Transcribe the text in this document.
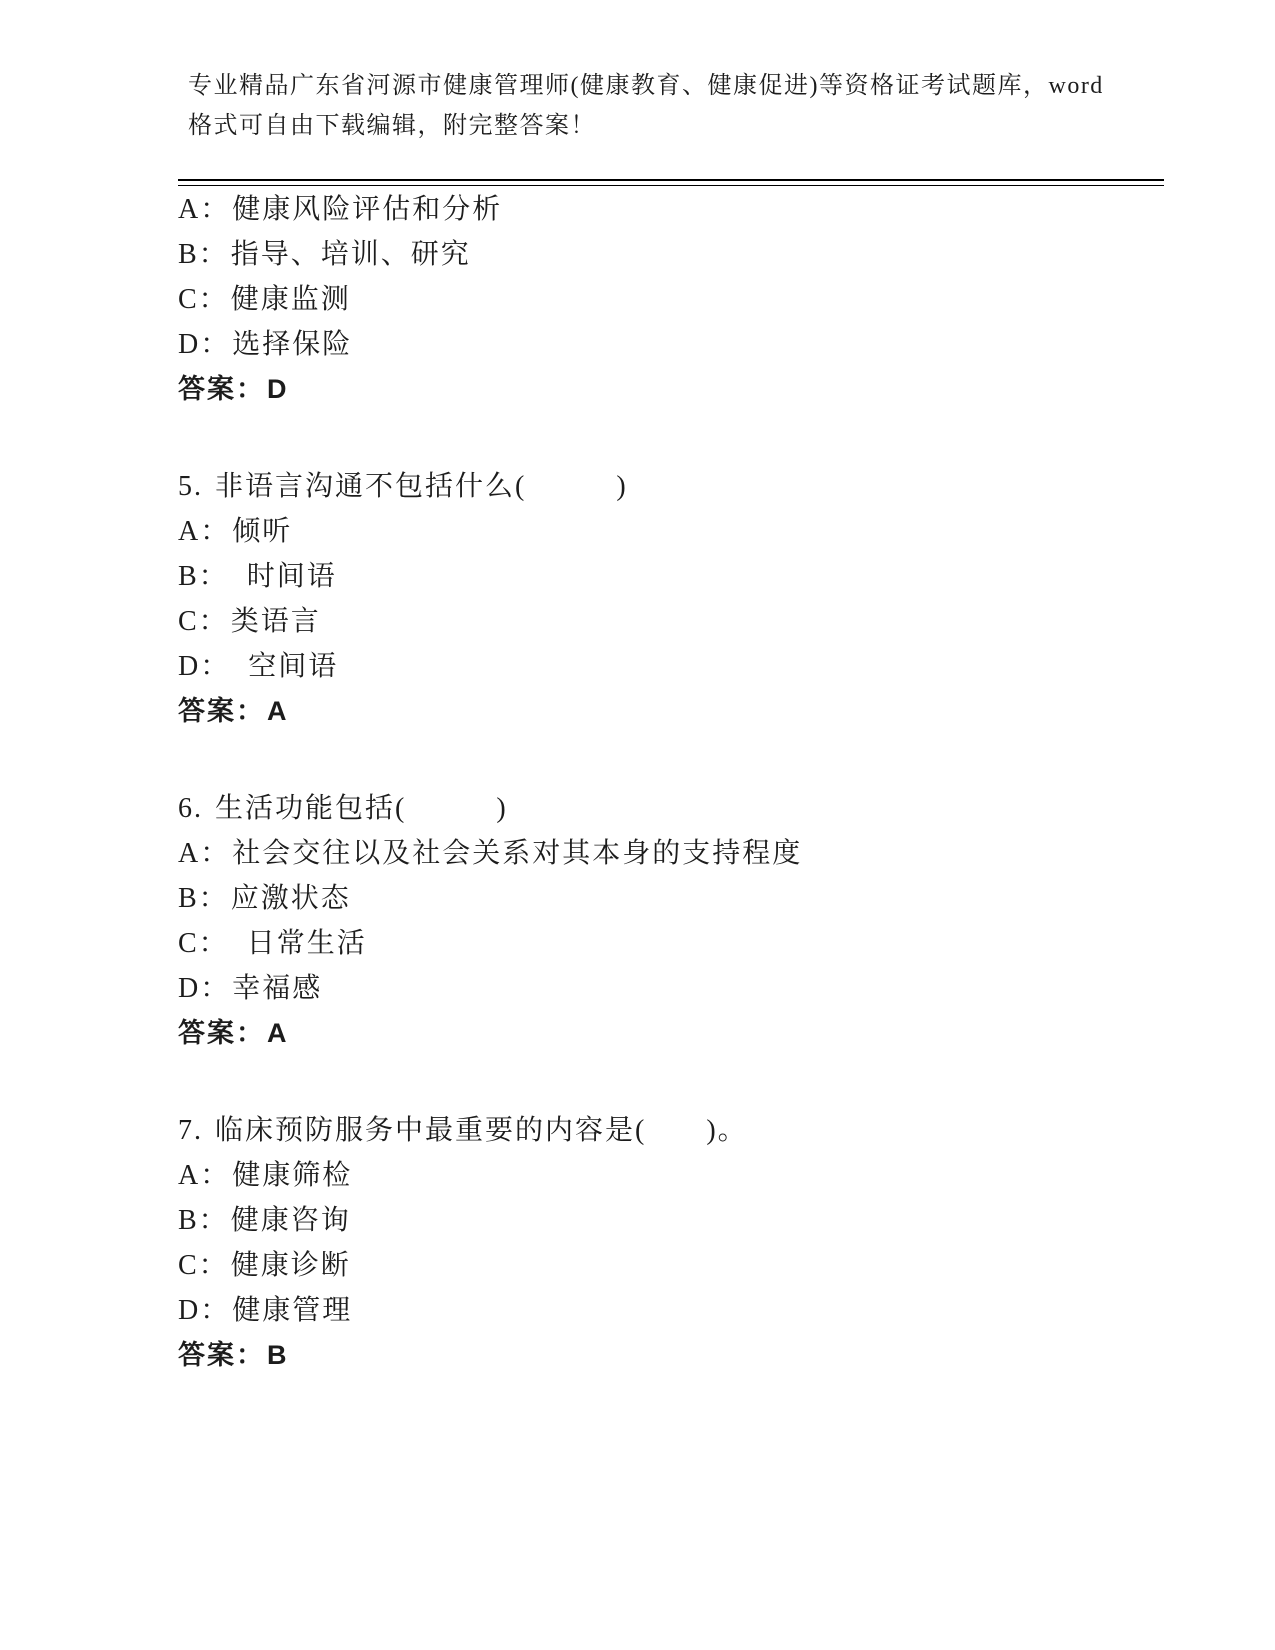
专业精品广东省河源市健康管理师(健康教育、健康促进)等资格证考试题库，word
格式可自由下载编辑，附完整答案！
A：健康风险评估和分析
B：指导、培训、研究
C：健康监测
D：选择保险
答案：D
5. 非语言沟通不包括什么(　　　)
A：倾听
B：　时间语
C：类语言
D：　空间语
答案：A
6. 生活功能包括(　　　)
A：社会交往以及社会关系对其本身的支持程度
B：应激状态
C：　日常生活
D：幸福感
答案：A
7. 临床预防服务中最重要的内容是(　　)。
A：健康筛检
B：健康咨询
C：健康诊断
D：健康管理
答案：B
